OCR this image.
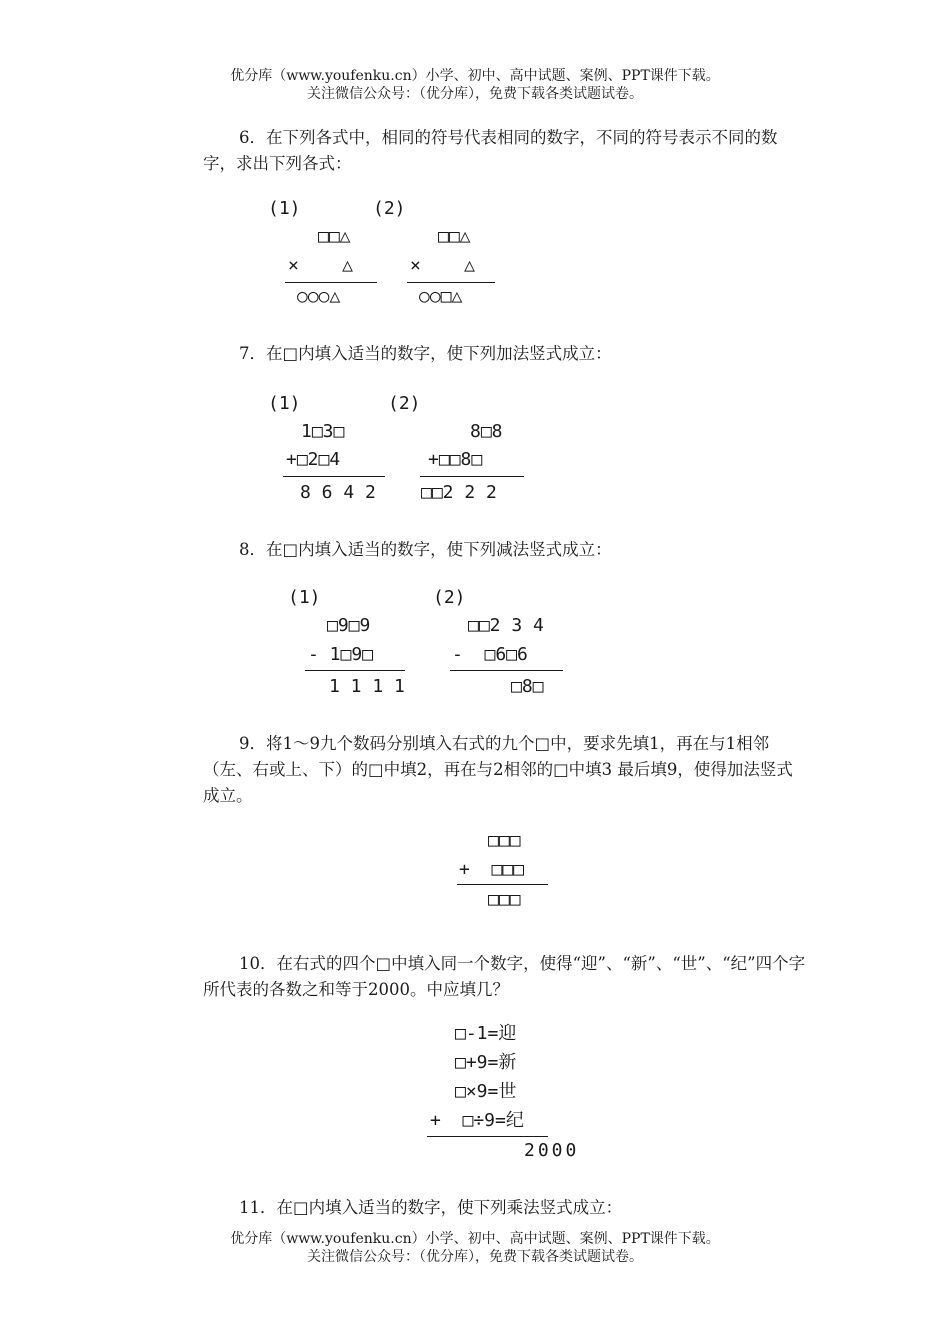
优分库（www.youfenku.cn）小学、初中、高中试题、案例、PPT课件下载。
关注微信公众号：（优分库），免费下载各类试题试卷。
6．在下列各式中，相同的符号代表相同的数字，不同的符号表示不同的数字，求出下列各式：
(1)	(2)
□□△
×    △
○○○△
□□△
×    △
○○□△
7．在□内填入适当的数字，使下列加法竖式成立：
(1)	(2)
1□3□
+□2□4
8 6 4 2
8□8
+□□8□
□□2 2 2
8．在□内填入适当的数字，使下列减法竖式成立：
(1)	(2)
□9□9
- 1□9□
1 1 1 1
□□2 3 4
-  □6□6
□8□
9．将1～9九个数码分别填入右式的九个□中，要求先填1，再在与1相邻（左、右或上、下）的□中填2，再在与2相邻的□中填3 最后填9，使得加法竖式成立。
□□□
+  □□□
□□□
10．在右式的四个□中填入同一个数字，使得“迎”、“新”、“世”、“纪”四个字所代表的各数之和等于2000。中应填几？
□-1=迎
□+9=新
□×9=世
+  □÷9=纪
2000
11．在□内填入适当的数字，使下列乘法竖式成立：
优分库（www.youfenku.cn）小学、初中、高中试题、案例、PPT课件下载。
关注微信公众号：（优分库），免费下载各类试题试卷。
